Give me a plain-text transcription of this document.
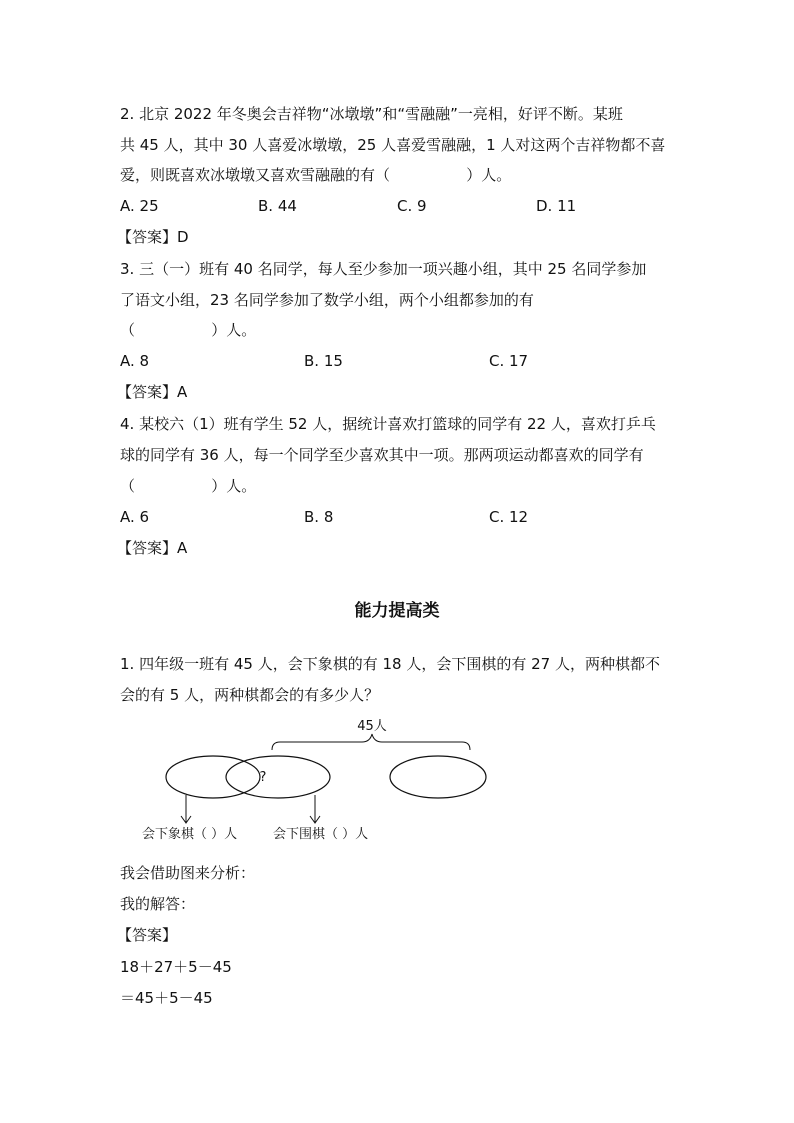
2. 北京 2022 年冬奥会吉祥物“冰墩墩”和“雪融融”一亮相，好评不断。某班
共 45 人，其中 30 人喜爱冰墩墩，25 人喜爱雪融融，1 人对这两个吉祥物都不喜
爱，则既喜欢冰墩墩又喜欢雪融融的有（                ）人。
A. 25	B. 44	C. 9	D. 11
【答案】D
3. 三（一）班有 40 名同学，每人至少参加一项兴趣小组，其中 25 名同学参加
了语文小组，23 名同学参加了数学小组，两个小组都参加的有
（                ）人。
A. 8	B. 15	C. 17
【答案】A
4. 某校六（1）班有学生 52 人，据统计喜欢打篮球的同学有 22 人，喜欢打乒乓
球的同学有 36 人，每一个同学至少喜欢其中一项。那两项运动都喜欢的同学有
（                ）人。
A. 6	B. 8	C. 12
【答案】A
能力提高类
1. 四年级一班有 45 人，会下象棋的有 18 人，会下围棋的有 27 人，两种棋都不
会的有 5 人，两种棋都会的有多少人？
45人
?
会下象棋（ ）人	会下围棋（ ）人
我会借助图来分析：
我的解答：
【答案】
18＋27＋5－45
＝45＋5－45
